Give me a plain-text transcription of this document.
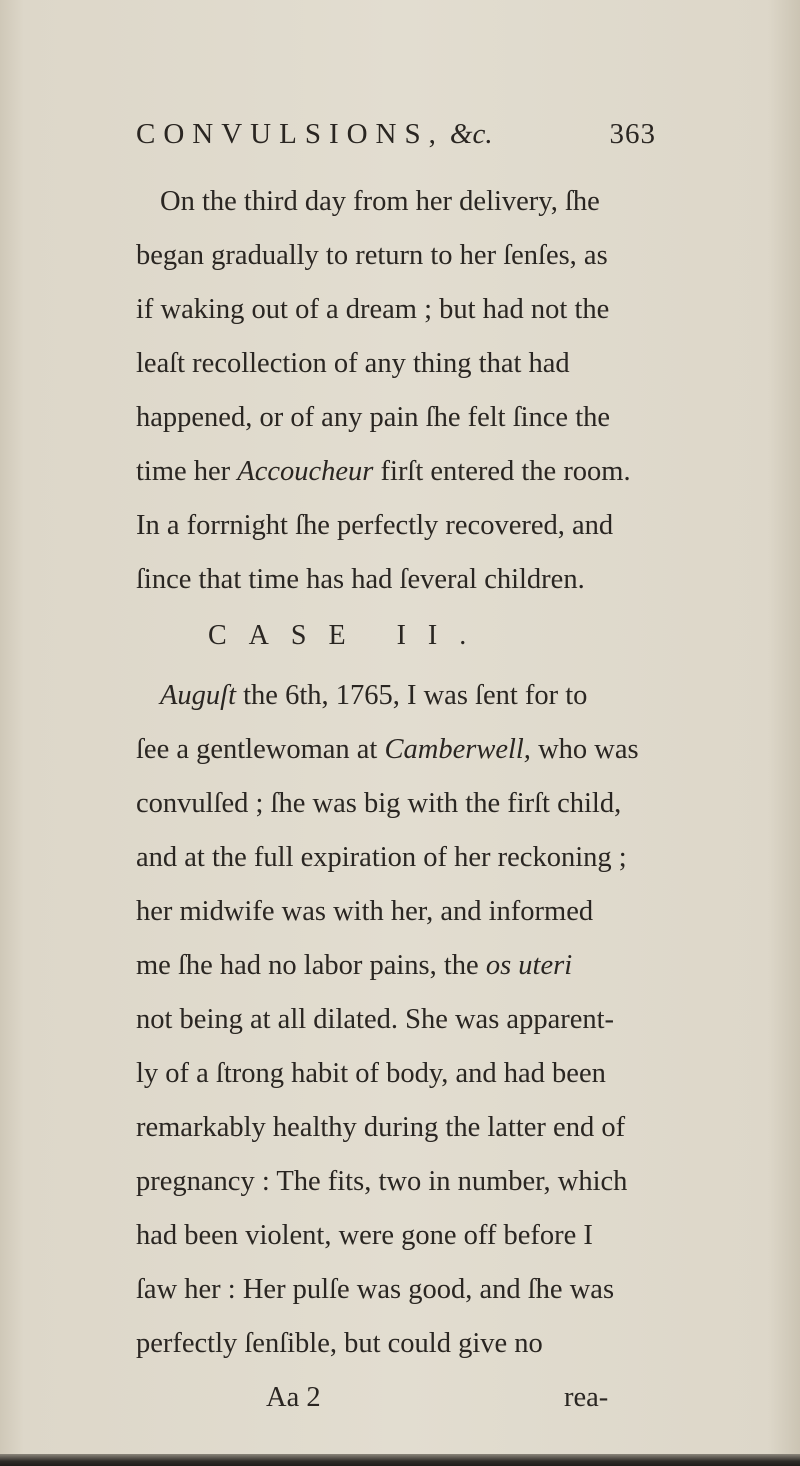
CONVULSIONS, &c.	363
On the third day from her delivery, ſhe
began gradually to return to her ſenſes, as
if waking out of a dream ; but had not the
leaſt recollection of any thing that had
happened, or of any pain ſhe felt ſince the
time her Accoucheur firſt entered the room.
In a forrnight ſhe perfectly recovered, and
ſince that time has had ſeveral children.
CASE II.
Auguſt the 6th, 1765, I was ſent for to
ſee a gentlewoman at Camberwell, who was
convulſed ; ſhe was big with the firſt child,
and at the full expiration of her reckoning ;
her midwife was with her, and informed
me ſhe had no labor pains, the os uteri
not being at all dilated. She was apparent-
ly of a ſtrong habit of body, and had been
remarkably healthy during the latter end of
pregnancy : The fits, two in number, which
had been violent, were gone off before I
ſaw her : Her pulſe was good, and ſhe was
perfectly ſenſible, but could give no
Aa 2	rea-
